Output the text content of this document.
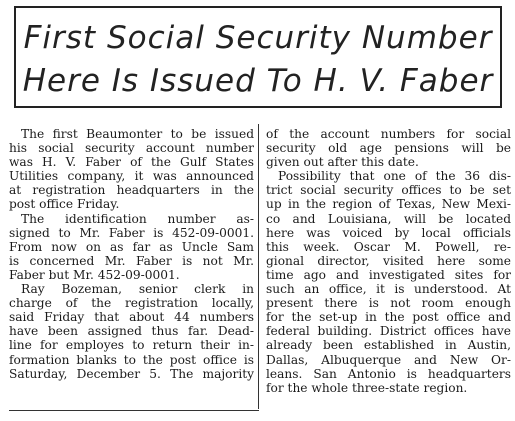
First Social Security Number
Here Is Issued To H. V. Faber
The first Beaumonter to be issued
his social security account number
was H. V. Faber of the Gulf States
Utilities company, it was announced
at registration headquarters in the
post office Friday.
The identification number as-
signed to Mr. Faber is 452-09-0001.
From now on as far as Uncle Sam
is concerned Mr. Faber is not Mr.
Faber but Mr. 452-09-0001.
Ray Bozeman, senior clerk in
charge of the registration locally,
said Friday that about 44 numbers
have been assigned thus far. Dead-
line for employes to return their in-
formation blanks to the post office is
Saturday, December 5. The majority
of the account numbers for social
security old age pensions will be
given out after this date.
Possibility that one of the 36 dis-
trict social security offices to be set
up in the region of Texas, New Mexi-
co and Louisiana, will be located
here was voiced by local officials
this week. Oscar M. Powell, re-
gional director, visited here some
time ago and investigated sites for
such an office, it is understood. At
present there is not room enough
for the set-up in the post office and
federal building. District offices have
already been established in Austin,
Dallas, Albuquerque and New Or-
leans. San Antonio is headquarters
for the whole three-state region.
